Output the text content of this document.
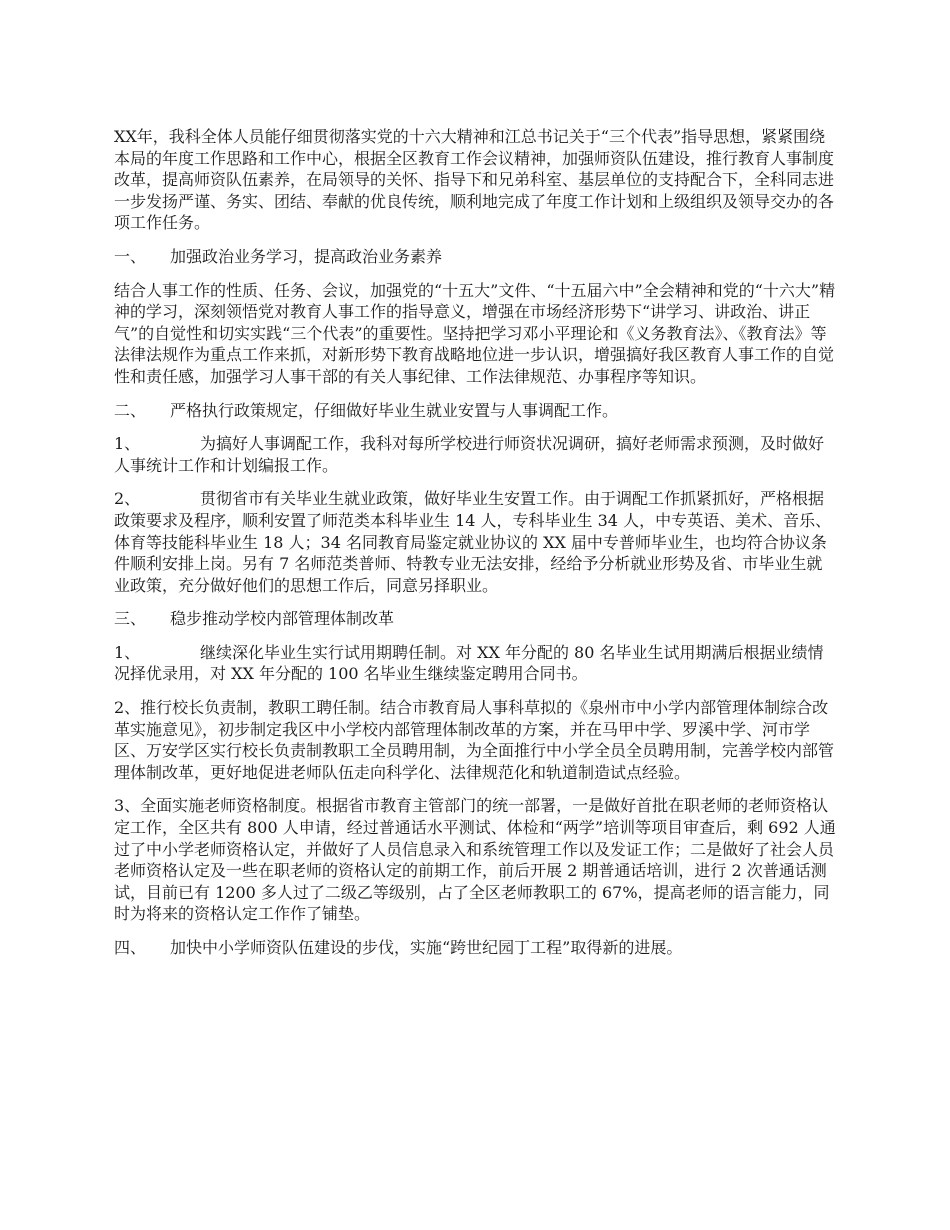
XX年，我科全体人员能仔细贯彻落实党的十六大精神和江总书记关于“三个代表”指导思想，紧紧围绕本局的年度工作思路和工作中心，根据全区教育工作会议精神，加强师资队伍建设，推行教育人事制度改革，提高师资队伍素养，在局领导的关怀、指导下和兄弟科室、基层单位的支持配合下，全科同志进一步发扬严谨、务实、团结、奉献的优良传统，顺利地完成了年度工作计划和上级组织及领导交办的各项工作任务。

一、 加强政治业务学习，提高政治业务素养

结合人事工作的性质、任务、会议，加强党的“十五大”文件、“十五届六中”全会精神和党的“十六大”精神的学习，深刻领悟党对教育人事工作的指导意义，增强在市场经济形势下“讲学习、讲政治、讲正气”的自觉性和切实实践“三个代表”的重要性。坚持把学习邓小平理论和《义务教育法》、《教育法》等法律法规作为重点工作来抓，对新形势下教育战略地位进一步认识，增强搞好我区教育人事工作的自觉性和责任感，加强学习人事干部的有关人事纪律、工作法律规范、办事程序等知识。

二、 严格执行政策规定，仔细做好毕业生就业安置与人事调配工作。

1、	为搞好人事调配工作，我科对每所学校进行师资状况调研，搞好老师需求预测，及时做好人事统计工作和计划编报工作。

2、	贯彻省市有关毕业生就业政策，做好毕业生安置工作。由于调配工作抓紧抓好，严格根据政策要求及程序，顺利安置了师范类本科毕业生 14 人，专科毕业生 34 人，中专英语、美术、音乐、体育等技能科毕业生 18 人；34 名同教育局鉴定就业协议的 XX 届中专普师毕业生，也均符合协议条件顺利安排上岗。另有 7 名师范类普师、特教专业无法安排，经给予分析就业形势及省、市毕业生就业政策，充分做好他们的思想工作后，同意另择职业。

三、 稳步推动学校内部管理体制改革

1、	继续深化毕业生实行试用期聘任制。对 XX 年分配的 80 名毕业生试用期满后根据业绩情况择优录用，对 XX 年分配的 100 名毕业生继续鉴定聘用合同书。

2、推行校长负责制，教职工聘任制。结合市教育局人事科草拟的《泉州市中小学内部管理体制综合改革实施意见》，初步制定我区中小学校内部管理体制改革的方案，并在马甲中学、罗溪中学、河市学区、万安学区实行校长负责制教职工全员聘用制，为全面推行中小学全员全员聘用制，完善学校内部管理体制改革，更好地促进老师队伍走向科学化、法律规范化和轨道制造试点经验。

3、全面实施老师资格制度。根据省市教育主管部门的统一部署，一是做好首批在职老师的老师资格认定工作，全区共有 800 人申请，经过普通话水平测试、体检和“两学”培训等项目审查后，剩 692 人通过了中小学老师资格认定，并做好了人员信息录入和系统管理工作以及发证工作；二是做好了社会人员老师资格认定及一些在职老师的资格认定的前期工作，前后开展 2 期普通话培训，进行 2 次普通话测试，目前已有 1200 多人过了二级乙等级别，占了全区老师教职工的 67%，提高老师的语言能力，同时为将来的资格认定工作作了铺垫。

四、 加快中小学师资队伍建设的步伐，实施“跨世纪园丁工程”取得新的进展。
